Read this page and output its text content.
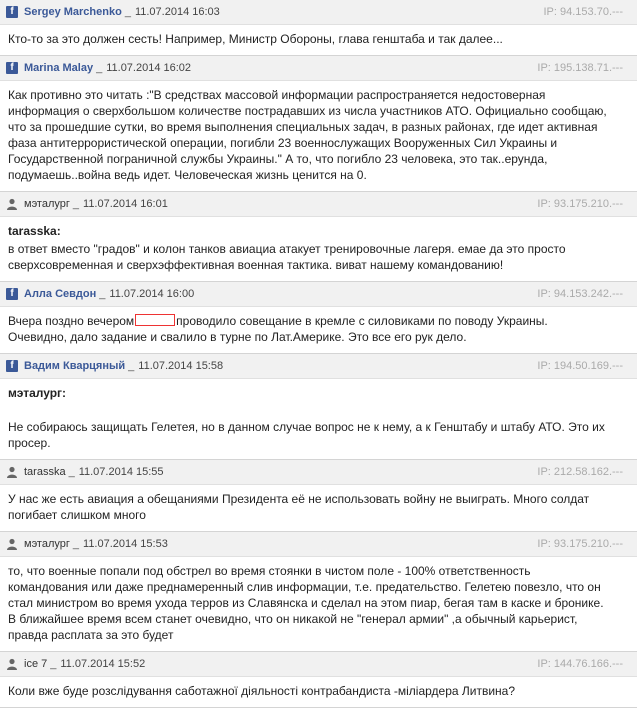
f Sergey Marchenko _ 11.07.2014 16:03	IP: 94.153.70.---
Кто-то за это должен сесть! Например, Министр Обороны, глава генштаба и так далее...
f Marina Malay _ 11.07.2014 16:02	IP: 195.138.71.---
Как противно это читать :"В средствах массовой информации распространяется недостоверная
информация о сверхбольшом количестве пострадавших из числа участников АТО. Официально сообщаю,
что за прошедшие сутки, во время выполнения специальных задач, в разных районах, где идет активная
фаза антитеррористической операции, погибли 23 военнослужащих Вооруженных Сил Украины и
Государственной пограничной службы Украины." А то, что погибло 23 человека, это так..ерунда,
подумаешь..война ведь идет. Человеческая жизнь ценится на 0.
мэталург _ 11.07.2014 16:01	IP: 93.175.210.---
tarasska:
в ответ вместо "градов" и колон танков авиациа атакует тренировочные лагеря. емае да это просто
сверхсовременная и сверхэффективная военная тактика. виват нашему командованию!
f Алла Севдон _ 11.07.2014 16:00	IP: 94.153.242.---
Вчера поздно вечером	проводило совещание в кремле с силовиками по поводу Украины.
Очевидно, дало задание и свалило в турне по Лат.Америке. Это все его рук дело.
f Вадим Кварцяный _ 11.07.2014 15:58	IP: 194.50.169.---
мэталург:
Не собираюсь защищать Гелетея, но в данном случае вопрос не к нему, а к Генштабу и штабу АТО. Это их
просер.
tarasska _ 11.07.2014 15:55	IP: 212.58.162.---
У нас же есть авиация а обещаниями Президента её не использовать войну не выиграть. Много солдат
погибает слишком много
мэталург _ 11.07.2014 15:53	IP: 93.175.210.---
то, что военные попали под обстрел во время стоянки в чистом поле - 100% ответственность
командования или даже преднамеренный слив информации, т.е. предательство. Гелетею повезло, что он
стал министром во время ухода терров из Славянска и сделал на этом пиар, бегая там в каске и бронике.
В ближайшее время всем станет очевидно, что он никакой не "генерал армии" ,а обычный карьерист,
правда расплата за это будет
ice 7 _ 11.07.2014 15:52	IP: 144.76.166.---
Коли вже буде розслідування саботажної діяльності контрабандиста -міліардера Литвина?
